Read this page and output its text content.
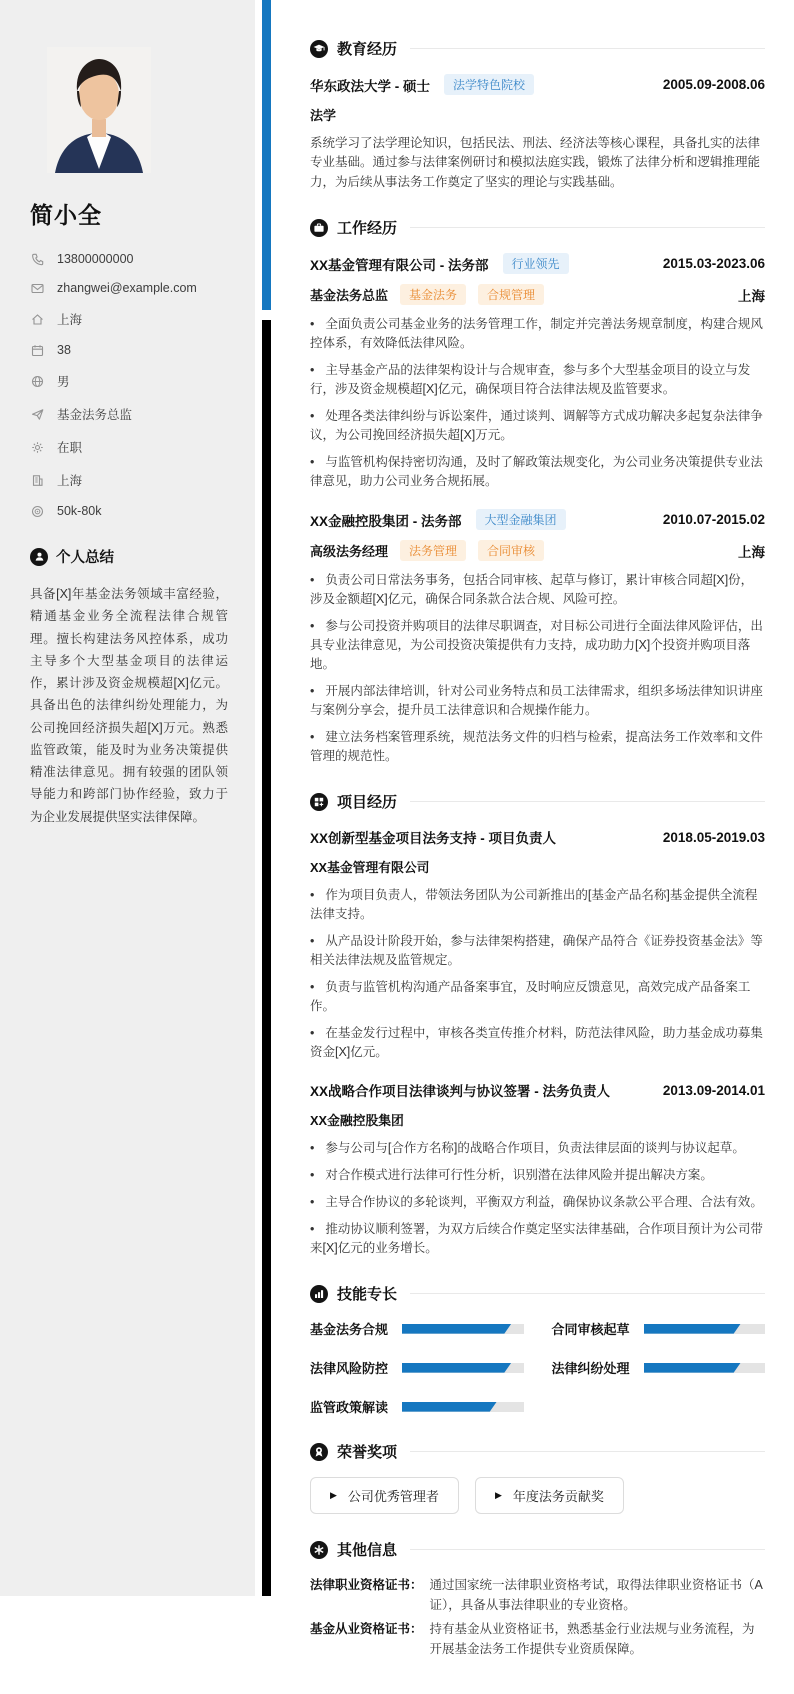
简小全
13800000000
zhangwei@example.com
上海
38
男
基金法务总监
在职
上海
50k-80k
个人总结

具备[X]年基金法务领域丰富经验，精通基金业务全流程法律合规管理。擅长构建法务风控体系，成功主导多个大型基金项目的法律运作，累计涉及资金规模超[X]亿元。具备出色的法律纠纷处理能力，为公司挽回经济损失超[X]万元。熟悉监管政策，能及时为业务决策提供精准法律意见。拥有较强的团队领导能力和跨部门协作经验，致力于为企业发展提供坚实法律保障。

教育经历
华东政法大学 - 硕士	法学特色院校	2005.09-2008.06
法学

系统学习了法学理论知识，包括民法、刑法、经济法等核心课程，具备扎实的法律专业基础。通过参与法律案例研讨和模拟法庭实践，锻炼了法律分析和逻辑推理能力，为后续从事法务工作奠定了坚实的理论与实践基础。

工作经历
XX基金管理有限公司 - 法务部	行业领先	2015.03-2023.06
基金法务总监	基金法务	合规管理	上海

• 全面负责公司基金业务的法务管理工作，制定并完善法务规章制度，构建合规风控体系，有效降低法律风险。

• 主导基金产品的法律架构设计与合规审查，参与多个大型基金项目的设立与发行，涉及资金规模超[X]亿元，确保项目符合法律法规及监管要求。

• 处理各类法律纠纷与诉讼案件，通过谈判、调解等方式成功解决多起复杂法律争议，为公司挽回经济损失超[X]万元。

• 与监管机构保持密切沟通，及时了解政策法规变化，为公司业务决策提供专业法律意见，助力公司业务合规拓展。

XX金融控股集团 - 法务部	大型金融集团	2010.07-2015.02
高级法务经理	法务管理	合同审核	上海

• 负责公司日常法务事务，包括合同审核、起草与修订，累计审核合同超[X]份，涉及金额超[X]亿元，确保合同条款合法合规、风险可控。

• 参与公司投资并购项目的法律尽职调查，对目标公司进行全面法律风险评估，出具专业法律意见，为公司投资决策提供有力支持，成功助力[X]个投资并购项目落地。

• 开展内部法律培训，针对公司业务特点和员工法律需求，组织多场法律知识讲座与案例分享会，提升员工法律意识和合规操作能力。

• 建立法务档案管理系统，规范法务文件的归档与检索，提高法务工作效率和文件管理的规范性。

项目经历
XX创新型基金项目法务支持 - 项目负责人	2018.05-2019.03
XX基金管理有限公司

• 作为项目负责人，带领法务团队为公司新推出的[基金产品名称]基金提供全流程法律支持。

• 从产品设计阶段开始，参与法律架构搭建，确保产品符合《证券投资基金法》等相关法律法规及监管规定。

• 负责与监管机构沟通产品备案事宜，及时响应反馈意见，高效完成产品备案工作。

• 在基金发行过程中，审核各类宣传推介材料，防范法律风险，助力基金成功募集资金[X]亿元。

XX战略合作项目法律谈判与协议签署 - 法务负责人	2013.09-2014.01
XX金融控股集团

• 参与公司与[合作方名称]的战略合作项目，负责法律层面的谈判与协议起草。

• 对合作模式进行法律可行性分析，识别潜在法律风险并提出解决方案。

• 主导合作协议的多轮谈判，平衡双方利益，确保协议条款公平合理、合法有效。

• 推动协议顺利签署，为双方后续合作奠定坚实法律基础，合作项目预计为公司带来[X]亿元的业务增长。

技能专长
基金法务合规	合同审核起草
法律风险防控	法律纠纷处理
监管政策解读
荣誉奖项
▶ 公司优秀管理者	▶ 年度法务贡献奖
其他信息
法律职业资格证书： 通过国家统一法律职业资格考试，取得法律职业资格证书（A证），具备从事法律职业的专业资格。
基金从业资格证书： 持有基金从业资格证书，熟悉基金行业法规与业务流程，为开展基金法务工作提供专业资质保障。
